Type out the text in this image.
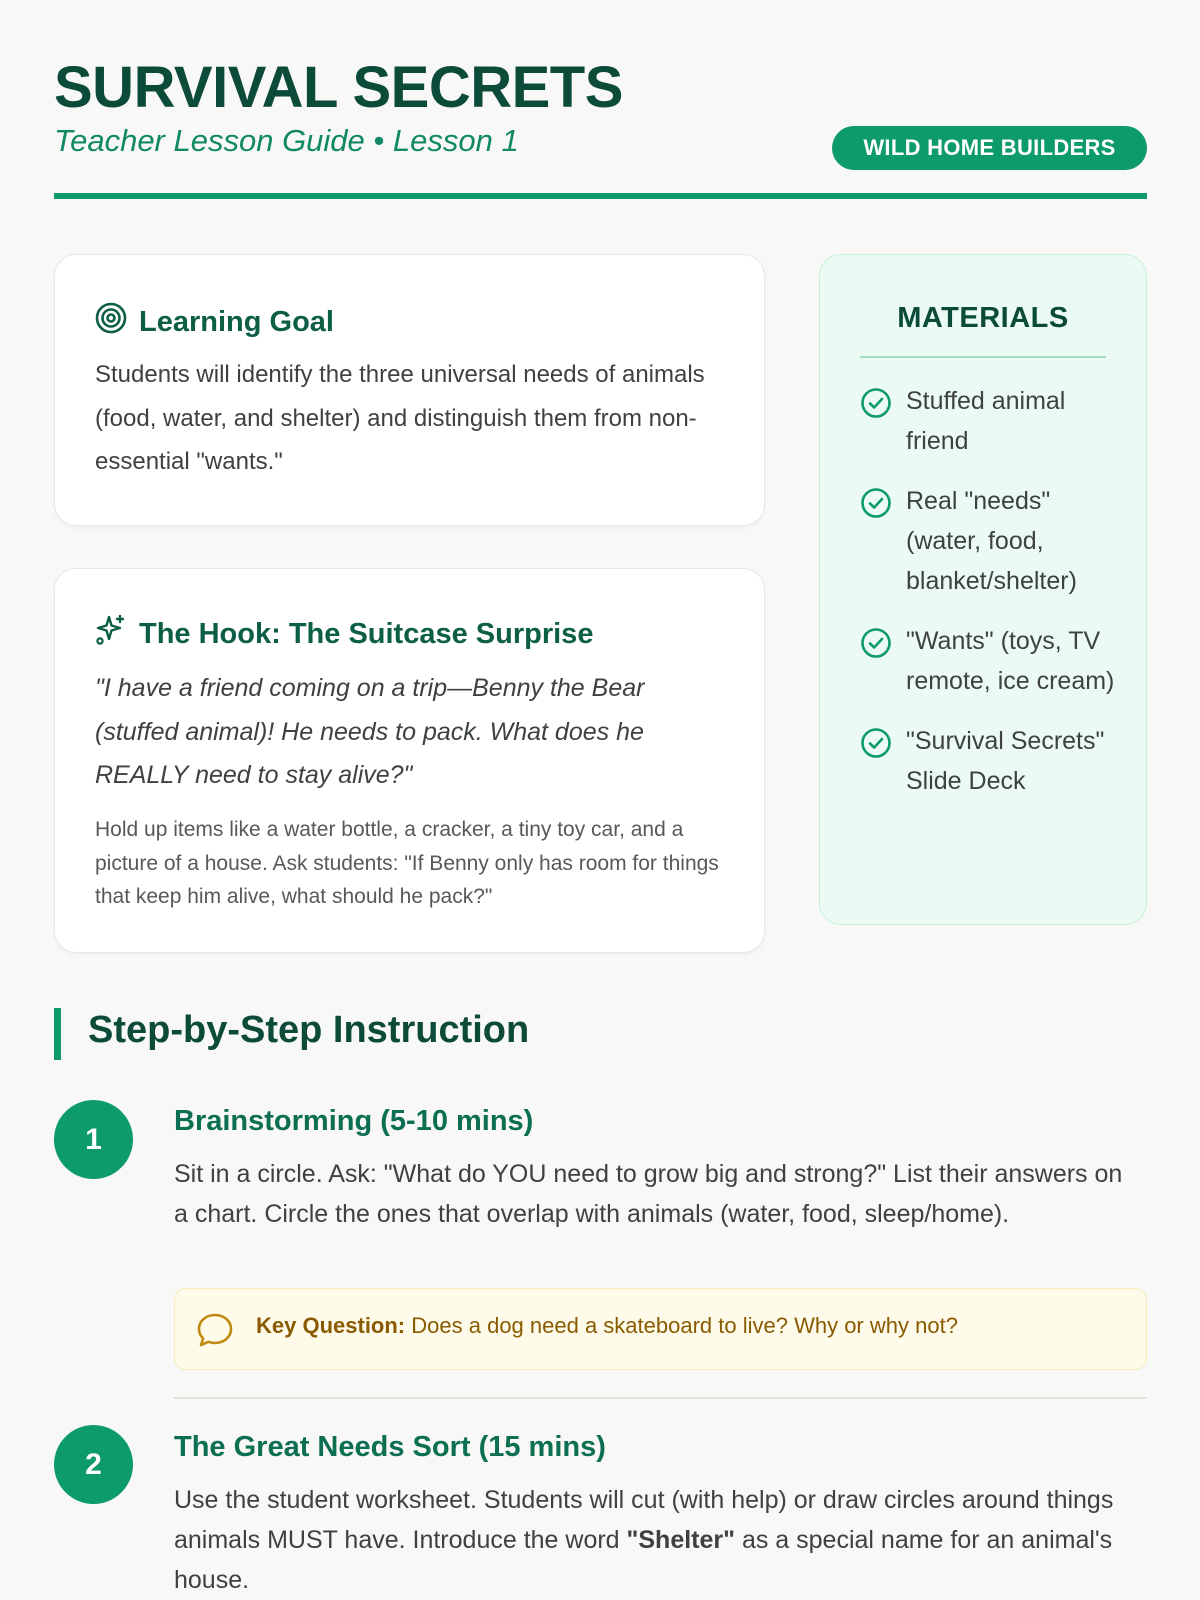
SURVIVAL SECRETS
Teacher Lesson Guide • Lesson 1	WILD HOME BUILDERS
Learning Goal

Students will identify the three universal needs of animals (food, water, and shelter) and distinguish them from non-essential "wants."

The Hook: The Suitcase Surprise

"I have a friend coming on a trip—Benny the Bear (stuffed animal)! He needs to pack. What does he REALLY need to stay alive?"

Hold up items like a water bottle, a cracker, a tiny toy car, and a picture of a house. Ask students: "If Benny only has room for things that keep him alive, what should he pack?"

MATERIALS
Stuffed animal friend
Real "needs" (water, food, blanket/shelter)
"Wants" (toys, TV remote, ice cream)
"Survival Secrets" Slide Deck
Step-by-Step Instruction
1
Brainstorming (5-10 mins)

Sit in a circle. Ask: "What do YOU need to grow big and strong?" List their answers on a chart. Circle the ones that overlap with animals (water, food, sleep/home).

Key Question: Does a dog need a skateboard to live? Why or why not?
2
The Great Needs Sort (15 mins)

Use the student worksheet. Students will cut (with help) or draw circles around things animals MUST have. Introduce the word "Shelter" as a special name for an animal's house.
